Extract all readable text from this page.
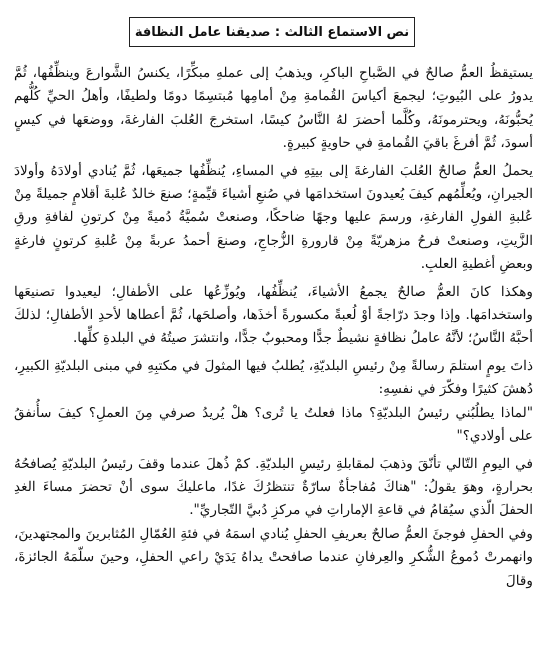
نص الاستماع الثالث : صديقنا عامل النظافة

يستيقظُ العمُّ صالحٌ في الصَّباحِ الباكرِ، ويذهبُ إلى عملهِ مبكِّرًا، يكنسُ الشَّوارعَ وينظِّفُها، ثُمَّ يدورُ على البُيوتِ؛ ليجمعَ أكياسَ القُمامةِ مِنْ أمامِها مُبتسِمًا دومًا ولطيفًا، وأهلُ الحيِّ كُلُّهم يُحبُّونَهُ، ويحترمونَهُ، وكُلَّما أحضرَ لهُ النَّاسُ كيسًا، استخرجَ العُلبَ الفارغةَ، ووضعَها في كيسٍ أسودَ، ثُمَّ أفرغَ باقيَ القُمامةِ في حاويةٍ كبيرةٍ.

يحملُ العمُّ صالحٌ العُلبَ الفارغةَ إلى بيتِهِ في المساءِ، يُنظِّفُها جميعَها، ثُمَّ يُنادي أولادَهُ وأولادَ الجيرانِ، ويُعلِّمُهم كيفَ يُعيدونَ استخدامَها في صُنعِ أشياءَ قيِّمةٍ؛ صنعَ خالدٌ عُلبةَ أقلامٍ جميلةً مِنْ عُلبةِ الفولِ الفارغةِ، ورسمَ عليها وجهًا ضاحكًا، وصنعتْ سُميَّةُ دُميةً مِنْ كرتونِ لفافةِ ورقِ الزَّيتِ، وصنعتْ فرحُ مزهريّةً مِنْ قارورةِ الزُّجاجِ، وصنعَ أحمدُ عربةً مِنْ عُلبةِ كرتونٍ فارغةٍ وبعضِ أغطيةِ العلبِ.

وهكذا كانَ العمُّ صالحٌ يجمعُ الأشياءَ، يُنظِّفُها، ويُوزِّعُها على الأطفالِ؛ ليعيدوا تصنيعَها واستخدامَها. وإذا وجدَ درّاجةً أوْ لُعبةً مكسورةً أخذَها، وأصلحَها، ثُمَّ أعطاها لأحدِ الأطفالِ؛ لذلكَ أحبَّهُ النَّاسُ؛ لأنَّهُ عاملُ نظافةٍ نشيطٌ جدًّا ومحبوبٌ جدًّا، وانتشرَ صيتُهُ في البلدةِ كلِّها.

ذاتَ يومٍ استلمَ رسالةً مِنْ رئيسِ البلديّةِ، يُطلبُ فيها المثولَ في مكتبِهِ في مبنى البلديّةِ الكبيرِ، دُهشَ كثيرًا وفكّرَ في نفسِهِ:

"لماذا يطلُبُني رئيسُ البلديّةِ؟ ماذا فعلتُ يا تُرى؟ هلْ يُريدُ صرفي مِنَ العملِ؟ كيفَ سأُنفقُ على أولادي؟"

في اليومِ التّالي تأنّقَ وذهبَ لمقابلةِ رئيسِ البلديّةِ. كمْ ذُهلَ عندما وقفَ رئيسُ البلديّةِ يُصافحُهُ بحرارةٍ، وهوَ يقولُ: "هناكَ مُفاجأةٌ سارّةٌ تنتظرُكَ غدًا، ماعليكَ سوى أنْ تحضرَ مساءَ الغدِ الحفلَ الّذي سيُقامُ في قاعةِ الإماراتِ في مركزِ دُبيَّ التّجاريِّ".

وفي الحفلِ فوجئَ العمُّ صالحٌ بعريفِ الحفلِ يُنادي اسمَهُ في فئةِ العُمّالِ المُثابرينَ والمجتهدينَ، وانهمرتْ دُموعُ الشُّكرِ والعِرفانِ عندما صافحتْ يداهُ يَدَيْ راعي الحفلِ، وحينَ سلّمَهُ الجائزةَ، وقالَ
